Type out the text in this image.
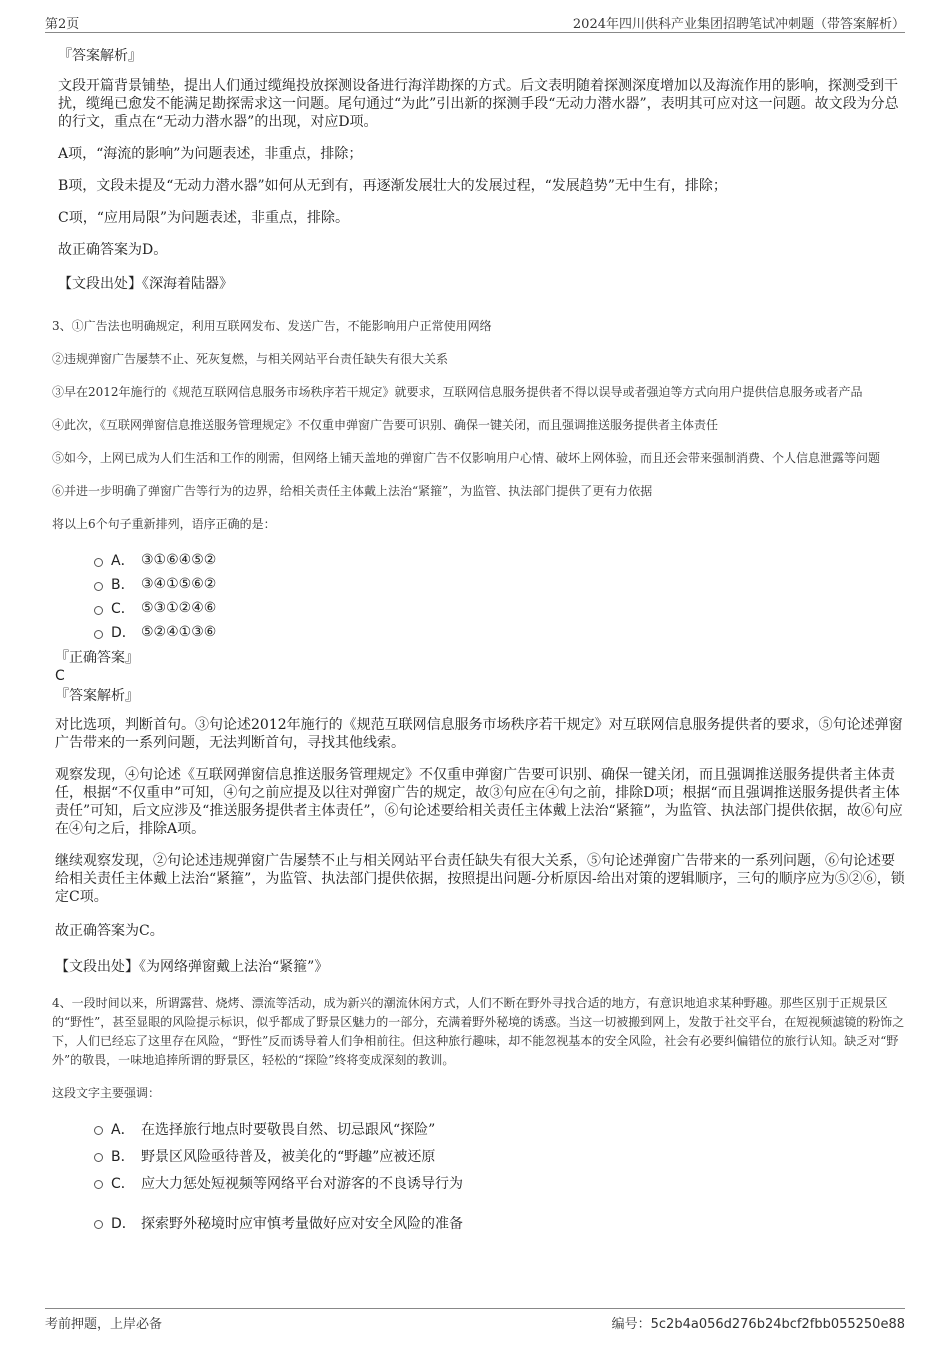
第2页	2024年四川供科产业集团招聘笔试冲刺题（带答案解析）
『答案解析』

文段开篇背景铺垫，提出人们通过缆绳投放探测设备进行海洋勘探的方式。后文表明随着探测深度增加以及海流作用的影响，探测受到干扰，缆绳已愈发不能满足勘探需求这一问题。尾句通过“为此”引出新的探测手段“无动力潜水器”，表明其可应对这一问题。故文段为分总的行文，重点在“无动力潜水器”的出现，对应D项。

A项，“海流的影响”为问题表述，非重点，排除；

B项，文段未提及“无动力潜水器”如何从无到有，再逐渐发展壮大的发展过程，“发展趋势”无中生有，排除；

C项，“应用局限”为问题表述，非重点，排除。

故正确答案为D。

【文段出处】《深海着陆器》

3、①广告法也明确规定，利用互联网发布、发送广告，不能影响用户正常使用网络

②违规弹窗广告屡禁不止、死灰复燃，与相关网站平台责任缺失有很大关系

③早在2012年施行的《规范互联网信息服务市场秩序若干规定》就要求，互联网信息服务提供者不得以误导或者强迫等方式向用户提供信息服务或者产品

④此次，《互联网弹窗信息推送服务管理规定》不仅重申弹窗广告要可识别、确保一键关闭，而且强调推送服务提供者主体责任

⑤如今，上网已成为人们生活和工作的刚需，但网络上铺天盖地的弹窗广告不仅影响用户心情、破坏上网体验，而且还会带来强制消费、个人信息泄露等问题

⑥并进一步明确了弹窗广告等行为的边界，给相关责任主体戴上法治“紧箍”，为监管、执法部门提供了更有力依据

将以上6个句子重新排列，语序正确的是：

A． ③①⑥④⑤②
B． ③④①⑤⑥②
C． ⑤③①②④⑥
D． ⑤②④①③⑥
『正确答案』
C
『答案解析』

对比选项，判断首句。③句论述2012年施行的《规范互联网信息服务市场秩序若干规定》对互联网信息服务提供者的要求，⑤句论述弹窗广告带来的一系列问题，无法判断首句，寻找其他线索。

观察发现，④句论述《互联网弹窗信息推送服务管理规定》不仅重申弹窗广告要可识别、确保一键关闭，而且强调推送服务提供者主体责任，根据“不仅重申”可知，④句之前应提及以往对弹窗广告的规定，故③句应在④句之前，排除D项；根据“而且强调推送服务提供者主体责任”可知，后文应涉及“推送服务提供者主体责任”，⑥句论述要给相关责任主体戴上法治“紧箍”，为监管、执法部门提供依据，故⑥句应在④句之后，排除A项。

继续观察发现，②句论述违规弹窗广告屡禁不止与相关网站平台责任缺失有很大关系，⑤句论述弹窗广告带来的一系列问题，⑥句论述要给相关责任主体戴上法治“紧箍”，为监管、执法部门提供依据，按照提出问题-分析原因-给出对策的逻辑顺序，三句的顺序应为⑤②⑥，锁定C项。

故正确答案为C。

【文段出处】《为网络弹窗戴上法治“紧箍”》

4、一段时间以来，所谓露营、烧烤、漂流等活动，成为新兴的潮流休闲方式，人们不断在野外寻找合适的地方，有意识地追求某种野趣。那些区别于正规景区的“野性”，甚至显眼的风险提示标识，似乎都成了野景区魅力的一部分，充满着野外秘境的诱惑。当这一切被搬到网上，发散于社交平台，在短视频滤镜的粉饰之下，人们已经忘了这里存在风险，“野性”反而诱导着人们争相前往。但这种旅行趣味，却不能忽视基本的安全风险，社会有必要纠偏错位的旅行认知。缺乏对“野外”的敬畏，一味地追捧所谓的野景区，轻松的“探险”终将变成深刻的教训。

这段文字主要强调：

A． 在选择旅行地点时要敬畏自然、切忌跟风“探险”
B． 野景区风险亟待普及，被美化的“野趣”应被还原
C． 应大力惩处短视频等网络平台对游客的不良诱导行为
D． 探索野外秘境时应审慎考量做好应对安全风险的准备
考前押题，上岸必备	编号：5c2b4a056d276b24bcf2fbb055250e88
